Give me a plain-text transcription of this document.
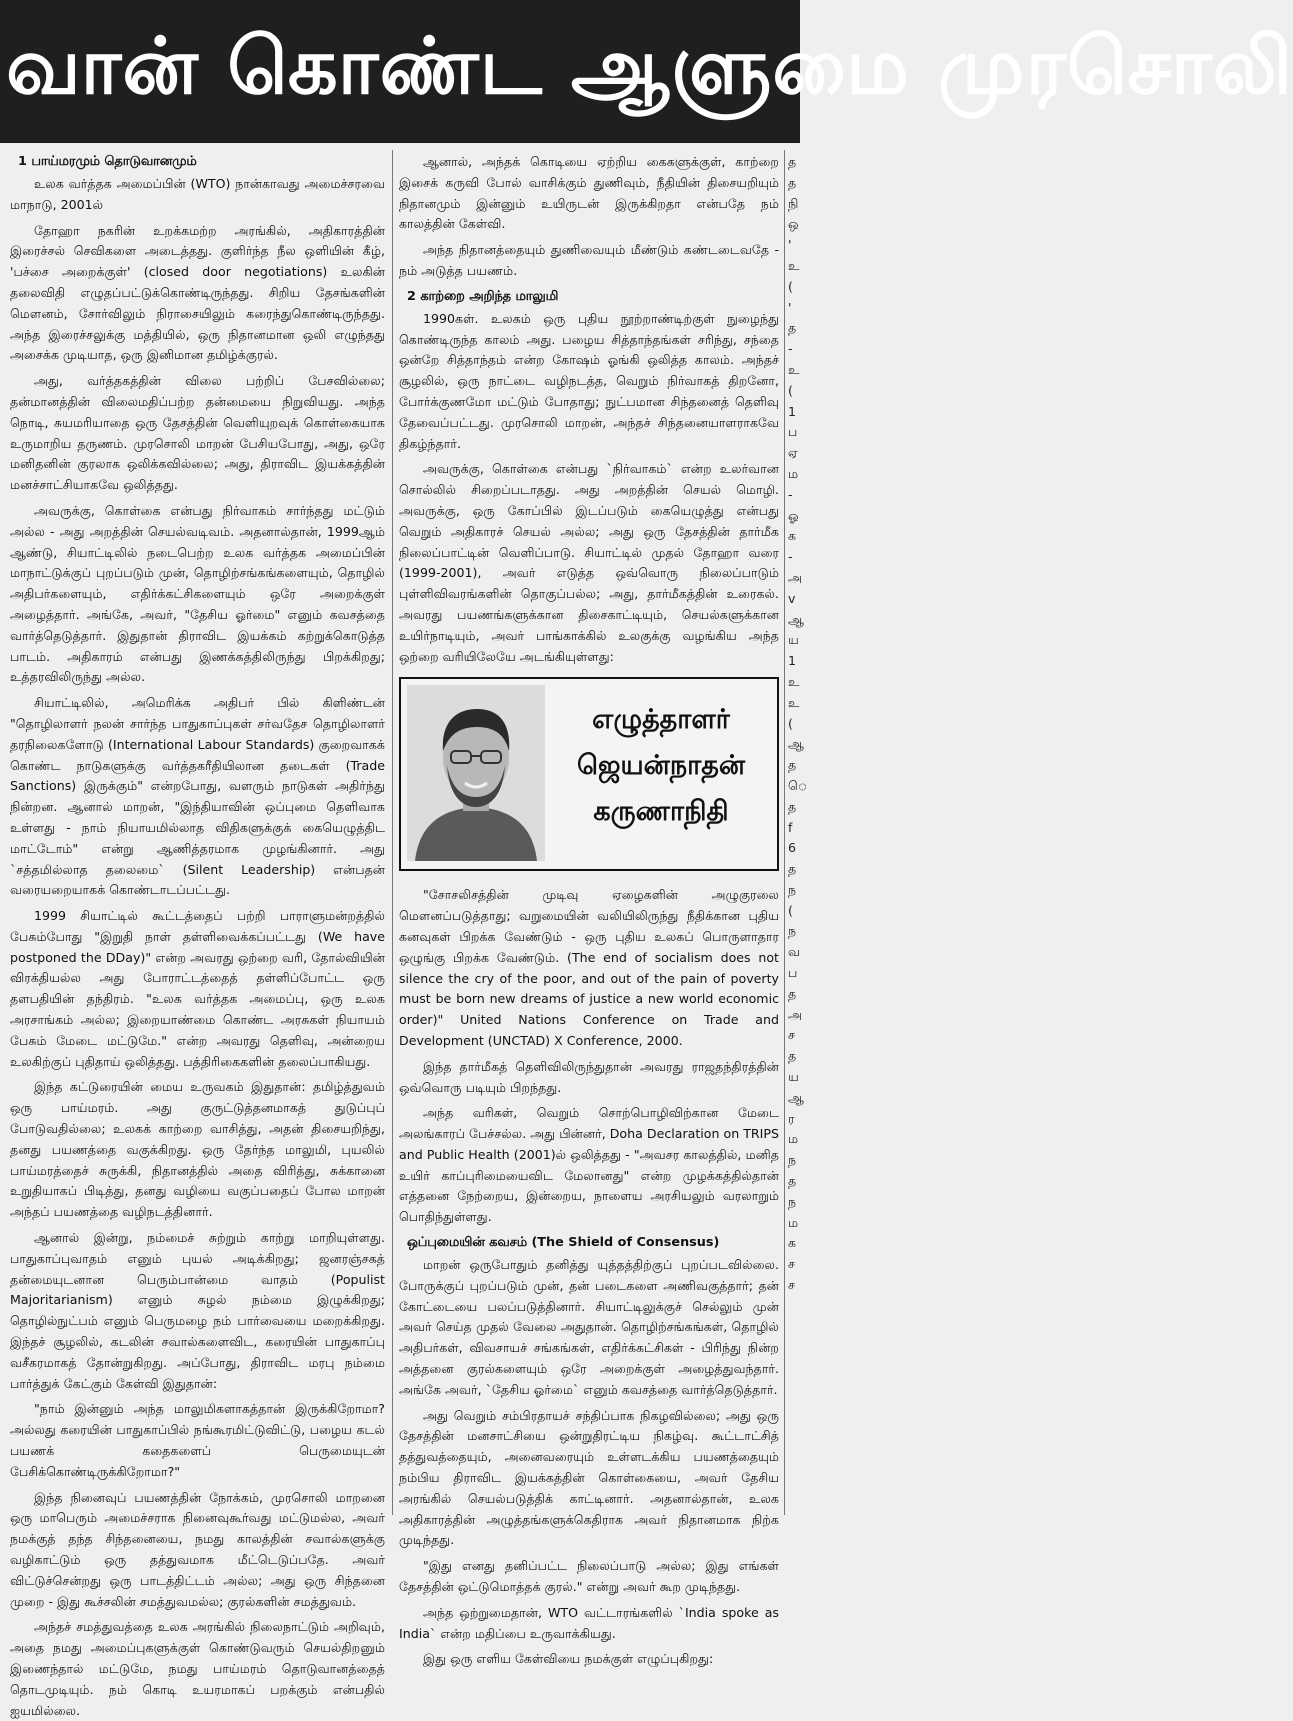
வான் கொண்ட ஆளுமை முரசொலி
1 பாய்மரமும் தொடுவானமும்

உலக வர்த்தக அமைப்பின் (WTO) நான்காவது அமைச்சரவை மாநாடு, 2001ல்

தோஹா நகரின் உறக்கமற்ற அரங்கில், அதிகாரத்தின் இரைச்சல் செவிகளை அடைத்தது. குளிர்ந்த நீல ஒளியின் கீழ், 'பச்சை அறைக்குள்' (closed door negotiations) உலகின் தலைவிதி எழுதப்பட்டுக்கொண்டிருந்தது. சிறிய தேசங்களின் மௌனம், சோர்விலும் நிராசையிலும் கரைந்துகொண்டிருந்தது. அந்த இரைச்சலுக்கு மத்தியில், ஒரு நிதானமான ஒலி எழுந்தது அசைக்க முடியாத, ஒரு இனிமான தமிழ்க்குரல்.

அது, வர்த்தகத்தின் விலை பற்றிப் பேசவில்லை; தன்மானத்தின் விலைமதிப்பற்ற தன்மையை நிறுவியது. அந்த நொடி, சுயமரியாதை ஒரு தேசத்தின் வெளியுறவுக் கொள்கையாக உருமாறிய தருணம். முரசொலி மாறன் பேசியபோது, அது, ஒரே மனிதனின் குரலாக ஒலிக்கவில்லை; அது, திராவிட இயக்கத்தின் மனச்சாட்சியாகவே ஒலித்தது.

அவருக்கு, கொள்கை என்பது நிர்வாகம் சார்ந்தது மட்டும் அல்ல - அது அறத்தின் செயல்வடிவம். அதனால்தான், 1999ஆம் ஆண்டு, சியாட்டிலில் நடைபெற்ற உலக வர்த்தக அமைப்பின் மாநாட்டுக்குப் புறப்படும் முன், தொழிற்சங்கங்களையும், தொழில் அதிபர்களையும், எதிர்க்கட்சிகளையும் ஒரே அறைக்குள் அழைத்தார். அங்கே, அவர், "தேசிய ஓர்மை" எனும் கவசத்தை வார்த்தெடுத்தார். இதுதான் திராவிட இயக்கம் கற்றுக்கொடுத்த பாடம். அதிகாரம் என்பது இணக்கத்திலிருந்து பிறக்கிறது; உத்தரவிலிருந்து அல்ல.

சியாட்டிலில், அமெரிக்க அதிபர் பில் கிளிண்டன் "தொழிலாளர் நலன் சார்ந்த பாதுகாப்புகள் சர்வதேச தொழிலாளர் தரநிலைகளோடு (International Labour Standards) குறைவாகக் கொண்ட நாடுகளுக்கு வர்த்தகரீதியிலான தடைகள் (Trade Sanctions) இருக்கும்" என்றபோது, வளரும் நாடுகள் அதிர்ந்து நின்றன. ஆனால் மாறன், "இந்தியாவின் ஒப்புமை தெளிவாக உள்ளது - நாம் நியாயமில்லாத விதிகளுக்குக் கையெழுத்திட மாட்டோம்" என்று ஆணித்தரமாக முழங்கினார். அது `சத்தமில்லாத தலைமை` (Silent Leadership) என்பதன் வரையறையாகக் கொண்டாடப்பட்டது.

1999 சியாட்டில் கூட்டத்தைப் பற்றி பாராளுமன்றத்தில் பேசும்போது "இறுதி நாள் தள்ளிவைக்கப்பட்டது (We have postponed the DDay)" என்ற அவரது ஒற்றை வரி, தோல்வியின் விரக்தியல்ல அது போராட்டத்தைத் தள்ளிப்போட்ட ஒரு தளபதியின் தந்திரம். "உலக வர்த்தக அமைப்பு, ஒரு உலக அரசாங்கம் அல்ல; இறையாண்மை கொண்ட அரசுகள் நியாயம் பேசும் மேடை மட்டுமே." என்ற அவரது தெளிவு, அன்றைய உலகிற்குப் புதிதாய் ஒலித்தது. பத்திரிகைகளின் தலைப்பாகியது.

இந்த கட்டுரையின் மைய உருவகம் இதுதான்: தமிழ்த்துவம் ஒரு பாய்மரம். அது குருட்டுத்தனமாகத் துடுப்புப் போடுவதில்லை; உலகக் காற்றை வாசித்து, அதன் திசையறிந்து, தனது பயணத்தை வகுக்கிறது. ஒரு தேர்ந்த மாலுமி, புயலில் பாய்மரத்தைச் சுருக்கி, நிதானத்தில் அதை விரித்து, சுக்கானை உறுதியாகப் பிடித்து, தனது வழியை வகுப்பதைப் போல மாறன் அந்தப் பயணத்தை வழிநடத்தினார்.

ஆனால் இன்று, நம்மைச் சுற்றும் காற்று மாறியுள்ளது. பாதுகாப்புவாதம் எனும் புயல் அடிக்கிறது; ஜனரஞ்சகத் தன்மையுடனான பெரும்பான்மை வாதம் (Populist Majoritarianism) எனும் சுழல் நம்மை இழுக்கிறது; தொழில்நுட்பம் எனும் பெருமழை நம் பார்வையை மறைக்கிறது. இந்தச் சூழலில், கடலின் சவால்களைவிட, கரையின் பாதுகாப்பு வசீகரமாகத் தோன்றுகிறது. அப்போது, திராவிட மரபு நம்மை பார்த்துக் கேட்கும் கேள்வி இதுதான்:

"நாம் இன்னும் அந்த மாலுமிகளாகத்தான் இருக்கிறோமா? அல்லது கரையின் பாதுகாப்பில் நங்கூரமிட்டுவிட்டு, பழைய கடல் பயணக் கதைகளைப் பெருமையுடன் பேசிக்கொண்டிருக்கிறோமா?"

இந்த நினைவுப் பயணத்தின் நோக்கம், முரசொலி மாறனை ஒரு மாபெரும் அமைச்சராக நினைவுகூர்வது மட்டுமல்ல, அவர் நமக்குத் தந்த சிந்தனையை, நமது காலத்தின் சவால்களுக்கு வழிகாட்டும் ஒரு தத்துவமாக மீட்டெடுப்பதே. அவர் விட்டுச்சென்றது ஒரு பாடத்திட்டம் அல்ல; அது ஒரு சிந்தனை முறை - இது கூச்சலின் சமத்துவமல்ல; குரல்களின் சமத்துவம்.

அந்தச் சமத்துவத்தை உலக அரங்கில் நிலைநாட்டும் அறிவும், அதை நமது அமைப்புகளுக்குள் கொண்டுவரும் செயல்திறனும் இணைந்தால் மட்டுமே, நமது பாய்மரம் தொடுவானத்தைத் தொடமுடியும். நம் கொடி உயரமாகப் பறக்கும் என்பதில் ஐயமில்லை.

ஆனால், அந்தக் கொடியை ஏற்றிய கைகளுக்குள், காற்றை இசைக் கருவி போல் வாசிக்கும் துணிவும், நீதியின் திசையறியும் நிதானமும் இன்னும் உயிருடன் இருக்கிறதா என்பதே நம் காலத்தின் கேள்வி.

அந்த நிதானத்தையும் துணிவையும் மீண்டும் கண்டடைவதே - நம் அடுத்த பயணம்.

2 காற்றை அறிந்த மாலுமி

1990கள். உலகம் ஒரு புதிய நூற்றாண்டிற்குள் நுழைந்து கொண்டிருந்த காலம் அது. பழைய சித்தாந்தங்கள் சரிந்து, சந்தை ஒன்றே சித்தாந்தம் என்ற கோஷம் ஓங்கி ஒலித்த காலம். அந்தச் சூழலில், ஒரு நாட்டை வழிநடத்த, வெறும் நிர்வாகத் திறனோ, போர்க்குணமோ மட்டும் போதாது; நுட்பமான சிந்தனைத் தெளிவு தேவைப்பட்டது. முரசொலி மாறன், அந்தச் சிந்தனையாளராகவே திகழ்ந்தார்.

அவருக்கு, கொள்கை என்பது `நிர்வாகம்` என்ற உலர்வான சொல்லில் சிறைப்படாதது. அது அறத்தின் செயல் மொழி. அவருக்கு, ஒரு கோப்பில் இடப்படும் கையெழுத்து என்பது வெறும் அதிகாரச் செயல் அல்ல; அது ஒரு தேசத்தின் தார்மீக நிலைப்பாட்டின் வெளிப்பாடு. சியாட்டில் முதல் தோஹா வரை (1999-2001), அவர் எடுத்த ஒவ்வொரு நிலைப்பாடும் புள்ளிவிவரங்களின் தொகுப்பல்ல; அது, தார்மீகத்தின் உரைகல். அவரது பயணங்களுக்கான திசைகாட்டியும், செயல்களுக்கான உயிர்நாடியும், அவர் பாங்காக்கில் உலகுக்கு வழங்கிய அந்த ஒற்றை வரியிலேயே அடங்கியுள்ளது:

எழுத்தாளர்
ஜெயன்நாதன்
கருணாநிதி

"சோசலிசத்தின் முடிவு ஏழைகளின் அழுகுரலை மௌனப்படுத்தாது; வறுமையின் வலியிலிருந்து நீதிக்கான புதிய கனவுகள் பிறக்க வேண்டும் - ஒரு புதிய உலகப் பொருளாதார ஒழுங்கு பிறக்க வேண்டும். (The end of socialism does not silence the cry of the poor, and out of the pain of poverty must be born new dreams of justice a new world economic order)" United Nations Conference on Trade and Development (UNCTAD) X Conference, 2000.

இந்த தார்மீகத் தெளிவிலிருந்துதான் அவரது ராஜதந்திரத்தின் ஒவ்வொரு படியும் பிறந்தது.

அந்த வரிகள், வெறும் சொற்பொழிவிற்கான மேடை அலங்காரப் பேச்சல்ல. அது பின்னர், Doha Declaration on TRIPS and Public Health (2001)ல் ஒலித்தது - "அவசர காலத்தில், மனித உயிர் காப்புரிமையைவிட மேலானது" என்ற முழக்கத்தில்தான் எத்தனை நேற்றைய, இன்றைய, நாளைய அரசியலும் வரலாறும் பொதிந்துள்ளது.

ஒப்புமையின் கவசம் (The Shield of Consensus)

மாறன் ஒருபோதும் தனித்து யுத்தத்திற்குப் புறப்படவில்லை. போருக்குப் புறப்படும் முன், தன் படைகளை அணிவகுத்தார்; தன் கோட்டையை பலப்படுத்தினார். சியாட்டிலுக்குச் செல்லும் முன் அவர் செய்த முதல் வேலை அதுதான். தொழிற்சங்கங்கள், தொழில் அதிபர்கள், விவசாயச் சங்கங்கள், எதிர்க்கட்சிகள் - பிரிந்து நின்ற அத்தனை குரல்களையும் ஒரே அறைக்குள் அழைத்துவந்தார். அங்கே அவர், `தேசிய ஓர்மை` எனும் கவசத்தை வார்த்தெடுத்தார்.

அது வெறும் சம்பிரதாயச் சந்திப்பாக நிகழவில்லை; அது ஒரு தேசத்தின் மனசாட்சியை ஒன்றுதிரட்டிய நிகழ்வு. கூட்டாட்சித் தத்துவத்தையும், அனைவரையும் உள்ளடக்கிய பயணத்தையும் நம்பிய திராவிட இயக்கத்தின் கொள்கையை, அவர் தேசிய அரங்கில் செயல்படுத்திக் காட்டினார். அதனால்தான், உலக அதிகாரத்தின் அழுத்தங்களுக்கெதிராக அவர் நிதானமாக நிற்க முடிந்தது.

"இது எனது தனிப்பட்ட நிலைப்பாடு அல்ல; இது எங்கள் தேசத்தின் ஒட்டுமொத்தக் குரல்." என்று அவர் கூற முடிந்தது.

அந்த ஒற்றுமைதான், WTO வட்டாரங்களில் `India spoke as India` என்ற மதிப்பை உருவாக்கியது.

இது ஒரு எளிய கேள்வியை நமக்குள் எழுப்புகிறது:

த
த
நி
ஒ
'
உ
(
'
த
-
உ
(
1
ப
ஏ
ம
-
ஓ
க
-
அ
v
ஆ
ய
1
உ
உ
(
ஆ
த
ெ
த
f
6
த
ந
(
ந
வ
ப
த
அ
ச
த
ய
ஆ
ர
ம
ந
த
ந
ம
க
ச
ச
